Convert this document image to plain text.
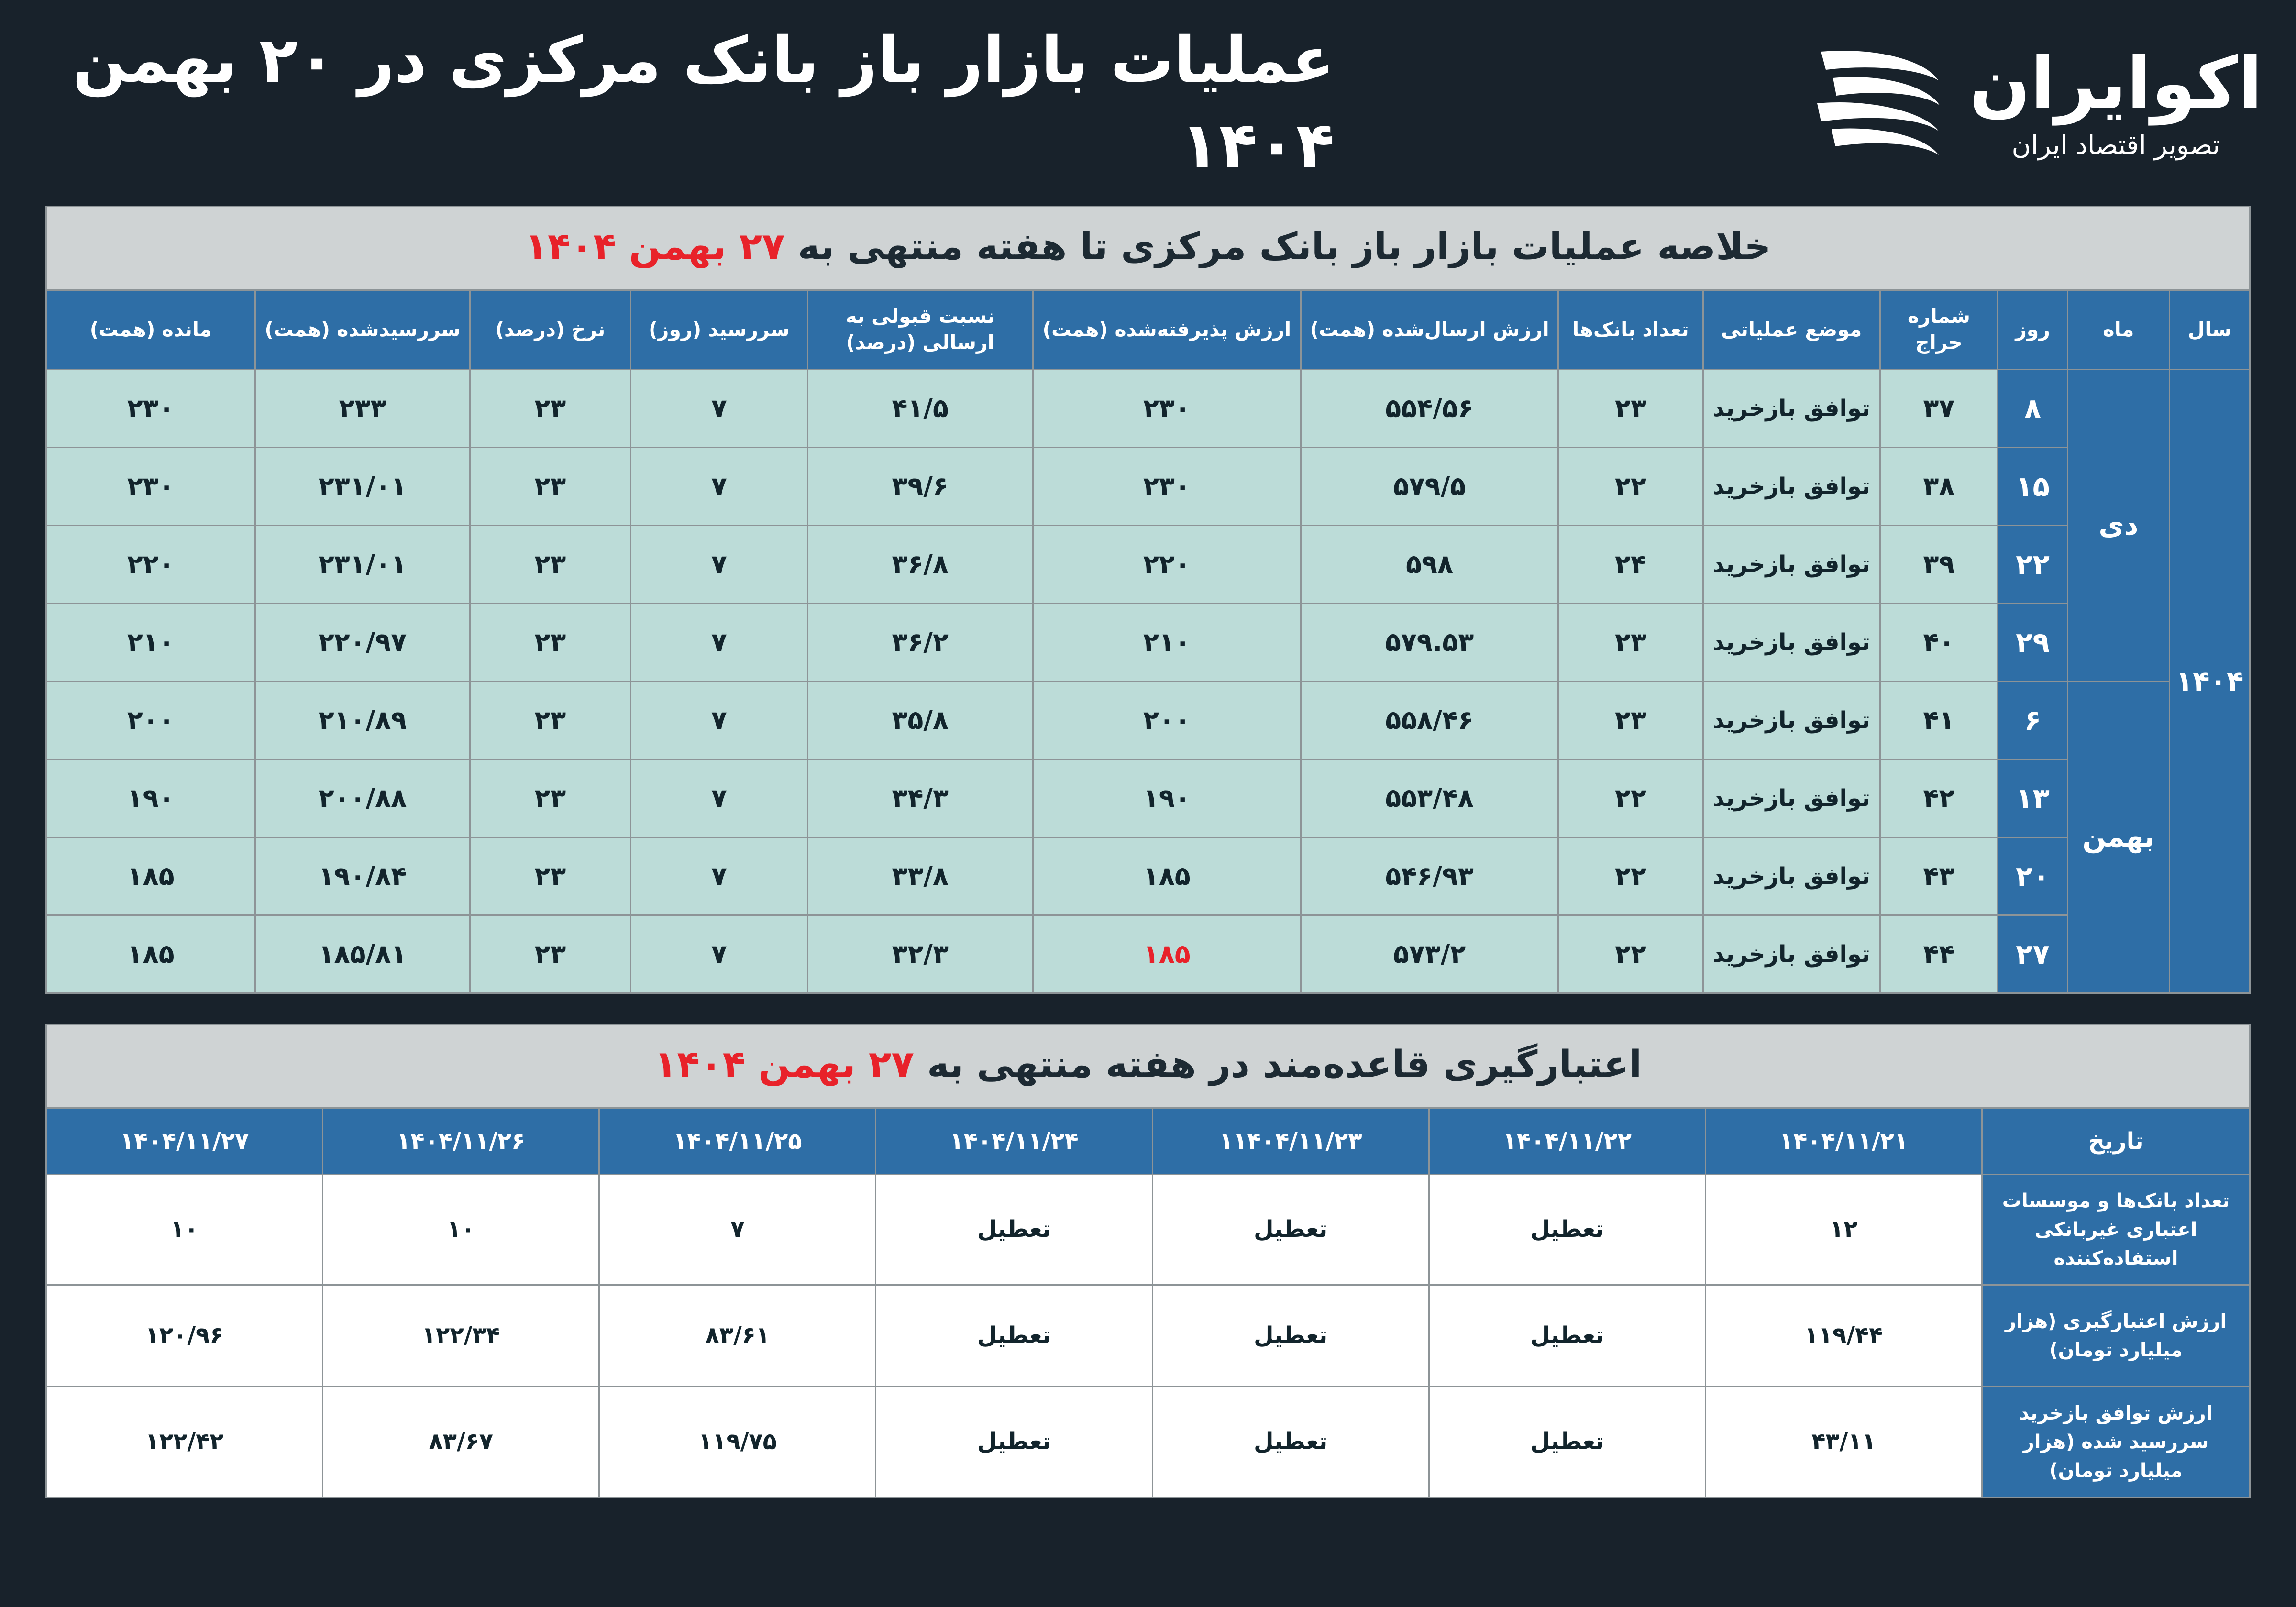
اکوایران
تصویر اقتصاد ایران
عملیات بازار باز بانک مرکزی در ۲۰ بهمن ۱۴۰۴
خلاصه عملیات بازار باز بانک مرکزی تا هفته منتهی به ۲۷ بهمن ۱۴۰۴
سال	ماه	روز	شماره حراج	موضع عملیاتی	تعداد بانک‌ها	ارزش ارسال‌شده (همت)	ارزش پذیرفته‌شده (همت)	نسبت قبولی به ارسالی (درصد)	سررسید (روز)	نرخ (درصد)	سررسیدشده (همت)	مانده (همت)
۱۴۰۴	دی	۸	۳۷	توافق بازخرید	۲۳	۵۵۴/۵۶	۲۳۰	۴۱/۵	۷	۲۳	۲۳۳	۲۳۰
		۱۵	۳۸	توافق بازخرید	۲۲	۵۷۹/۵	۲۳۰	۳۹/۶	۷	۲۳	۲۳۱/۰۱	۲۳۰
		۲۲	۳۹	توافق بازخرید	۲۴	۵۹۸	۲۲۰	۳۶/۸	۷	۲۳	۲۳۱/۰۱	۲۲۰
		۲۹	۴۰	توافق بازخرید	۲۳	۵۷۹.۵۳	۲۱۰	۳۶/۲	۷	۲۳	۲۲۰/۹۷	۲۱۰
	بهمن	۶	۴۱	توافق بازخرید	۲۳	۵۵۸/۴۶	۲۰۰	۳۵/۸	۷	۲۳	۲۱۰/۸۹	۲۰۰
		۱۳	۴۲	توافق بازخرید	۲۲	۵۵۳/۴۸	۱۹۰	۳۴/۳	۷	۲۳	۲۰۰/۸۸	۱۹۰
		۲۰	۴۳	توافق بازخرید	۲۲	۵۴۶/۹۳	۱۸۵	۳۳/۸	۷	۲۳	۱۹۰/۸۴	۱۸۵
		۲۷	۴۴	توافق بازخرید	۲۲	۵۷۳/۲	۱۸۵	۳۲/۳	۷	۲۳	۱۸۵/۸۱	۱۸۵
اعتبارگیری قاعده‌مند در هفته منتهی به ۲۷ بهمن ۱۴۰۴
تاریخ	۱۴۰۴/۱۱/۲۱	۱۴۰۴/۱۱/۲۲	۱۱۴۰۴/۱۱/۲۳	۱۴۰۴/۱۱/۲۴	۱۴۰۴/۱۱/۲۵	۱۴۰۴/۱۱/۲۶	۱۴۰۴/۱۱/۲۷
تعداد بانک‌ها و موسسات اعتباری غیربانکی استفاده‌کننده	۱۲	تعطیل	تعطیل	تعطیل	۷	۱۰	۱۰
ارزش اعتبارگیری (هزار میلیارد تومان)	۱۱۹/۴۴	تعطیل	تعطیل	تعطیل	۸۳/۶۱	۱۲۲/۳۴	۱۲۰/۹۶
ارزش توافق بازخرید سررسید شده (هزار میلیارد تومان)	۴۳/۱۱	تعطیل	تعطیل	تعطیل	۱۱۹/۷۵	۸۳/۶۷	۱۲۲/۴۲
